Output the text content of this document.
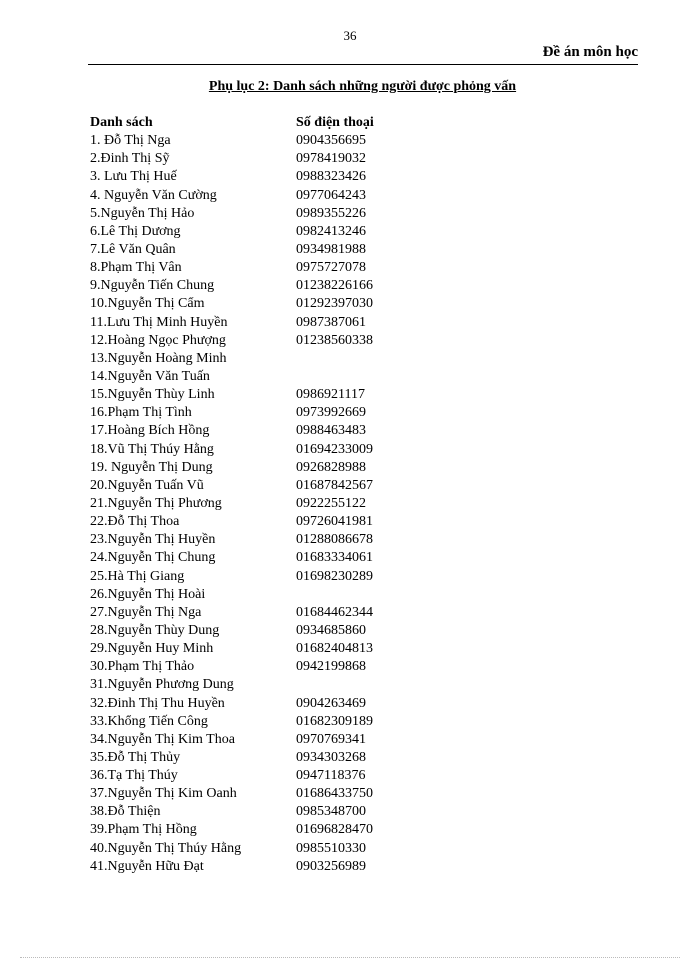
36
Đề án môn học
Phụ lục 2: Danh sách những người được phỏng vấn
Danh sách	Số điện thoại
1. Đỗ Thị Nga	0904356695
2.Đinh Thị Sỹ	0978419032
3. Lưu Thị Huế	0988323426
4. Nguyễn Văn Cường	0977064243
5.Nguyễn Thị Hảo	0989355226
6.Lê Thị Dương	0982413246
7.Lê Văn Quân	0934981988
8.Phạm Thị Vân	0975727078
9.Nguyễn Tiến Chung	01238226166
10.Nguyễn Thị Cẩm	01292397030
11.Lưu Thị Minh Huyền	0987387061
12.Hoàng Ngọc Phượng	01238560338
13.Nguyễn Hoàng Minh
14.Nguyễn Văn Tuấn
15.Nguyễn Thùy Linh	0986921117
16.Phạm Thị Tình	0973992669
17.Hoàng Bích Hồng	0988463483
18.Vũ Thị Thúy Hằng	01694233009
19. Nguyễn Thị Dung	0926828988
20.Nguyễn Tuấn Vũ	01687842567
21.Nguyễn Thị Phương	0922255122
22.Đỗ Thị Thoa	09726041981
23.Nguyễn Thị Huyền	01288086678
24.Nguyễn Thị Chung	01683334061
25.Hà Thị Giang	01698230289
26.Nguyễn Thị Hoài
27.Nguyễn Thị Nga	01684462344
28.Nguyễn Thùy Dung	0934685860
29.Nguyễn Huy Minh	01682404813
30.Phạm Thị Thảo	0942199868
31.Nguyễn Phương Dung
32.Đinh Thị Thu Huyền	0904263469
33.Khổng Tiến Công	01682309189
34.Nguyễn Thị Kim Thoa	0970769341
35.Đỗ Thị Thủy	0934303268
36.Tạ Thị Thúy	0947118376
37.Nguyễn Thị Kim Oanh	01686433750
38.Đỗ Thiện	0985348700
39.Phạm Thị Hồng	01696828470
40.Nguyễn Thị Thúy Hằng	0985510330
41.Nguyễn Hữu Đạt	0903256989
